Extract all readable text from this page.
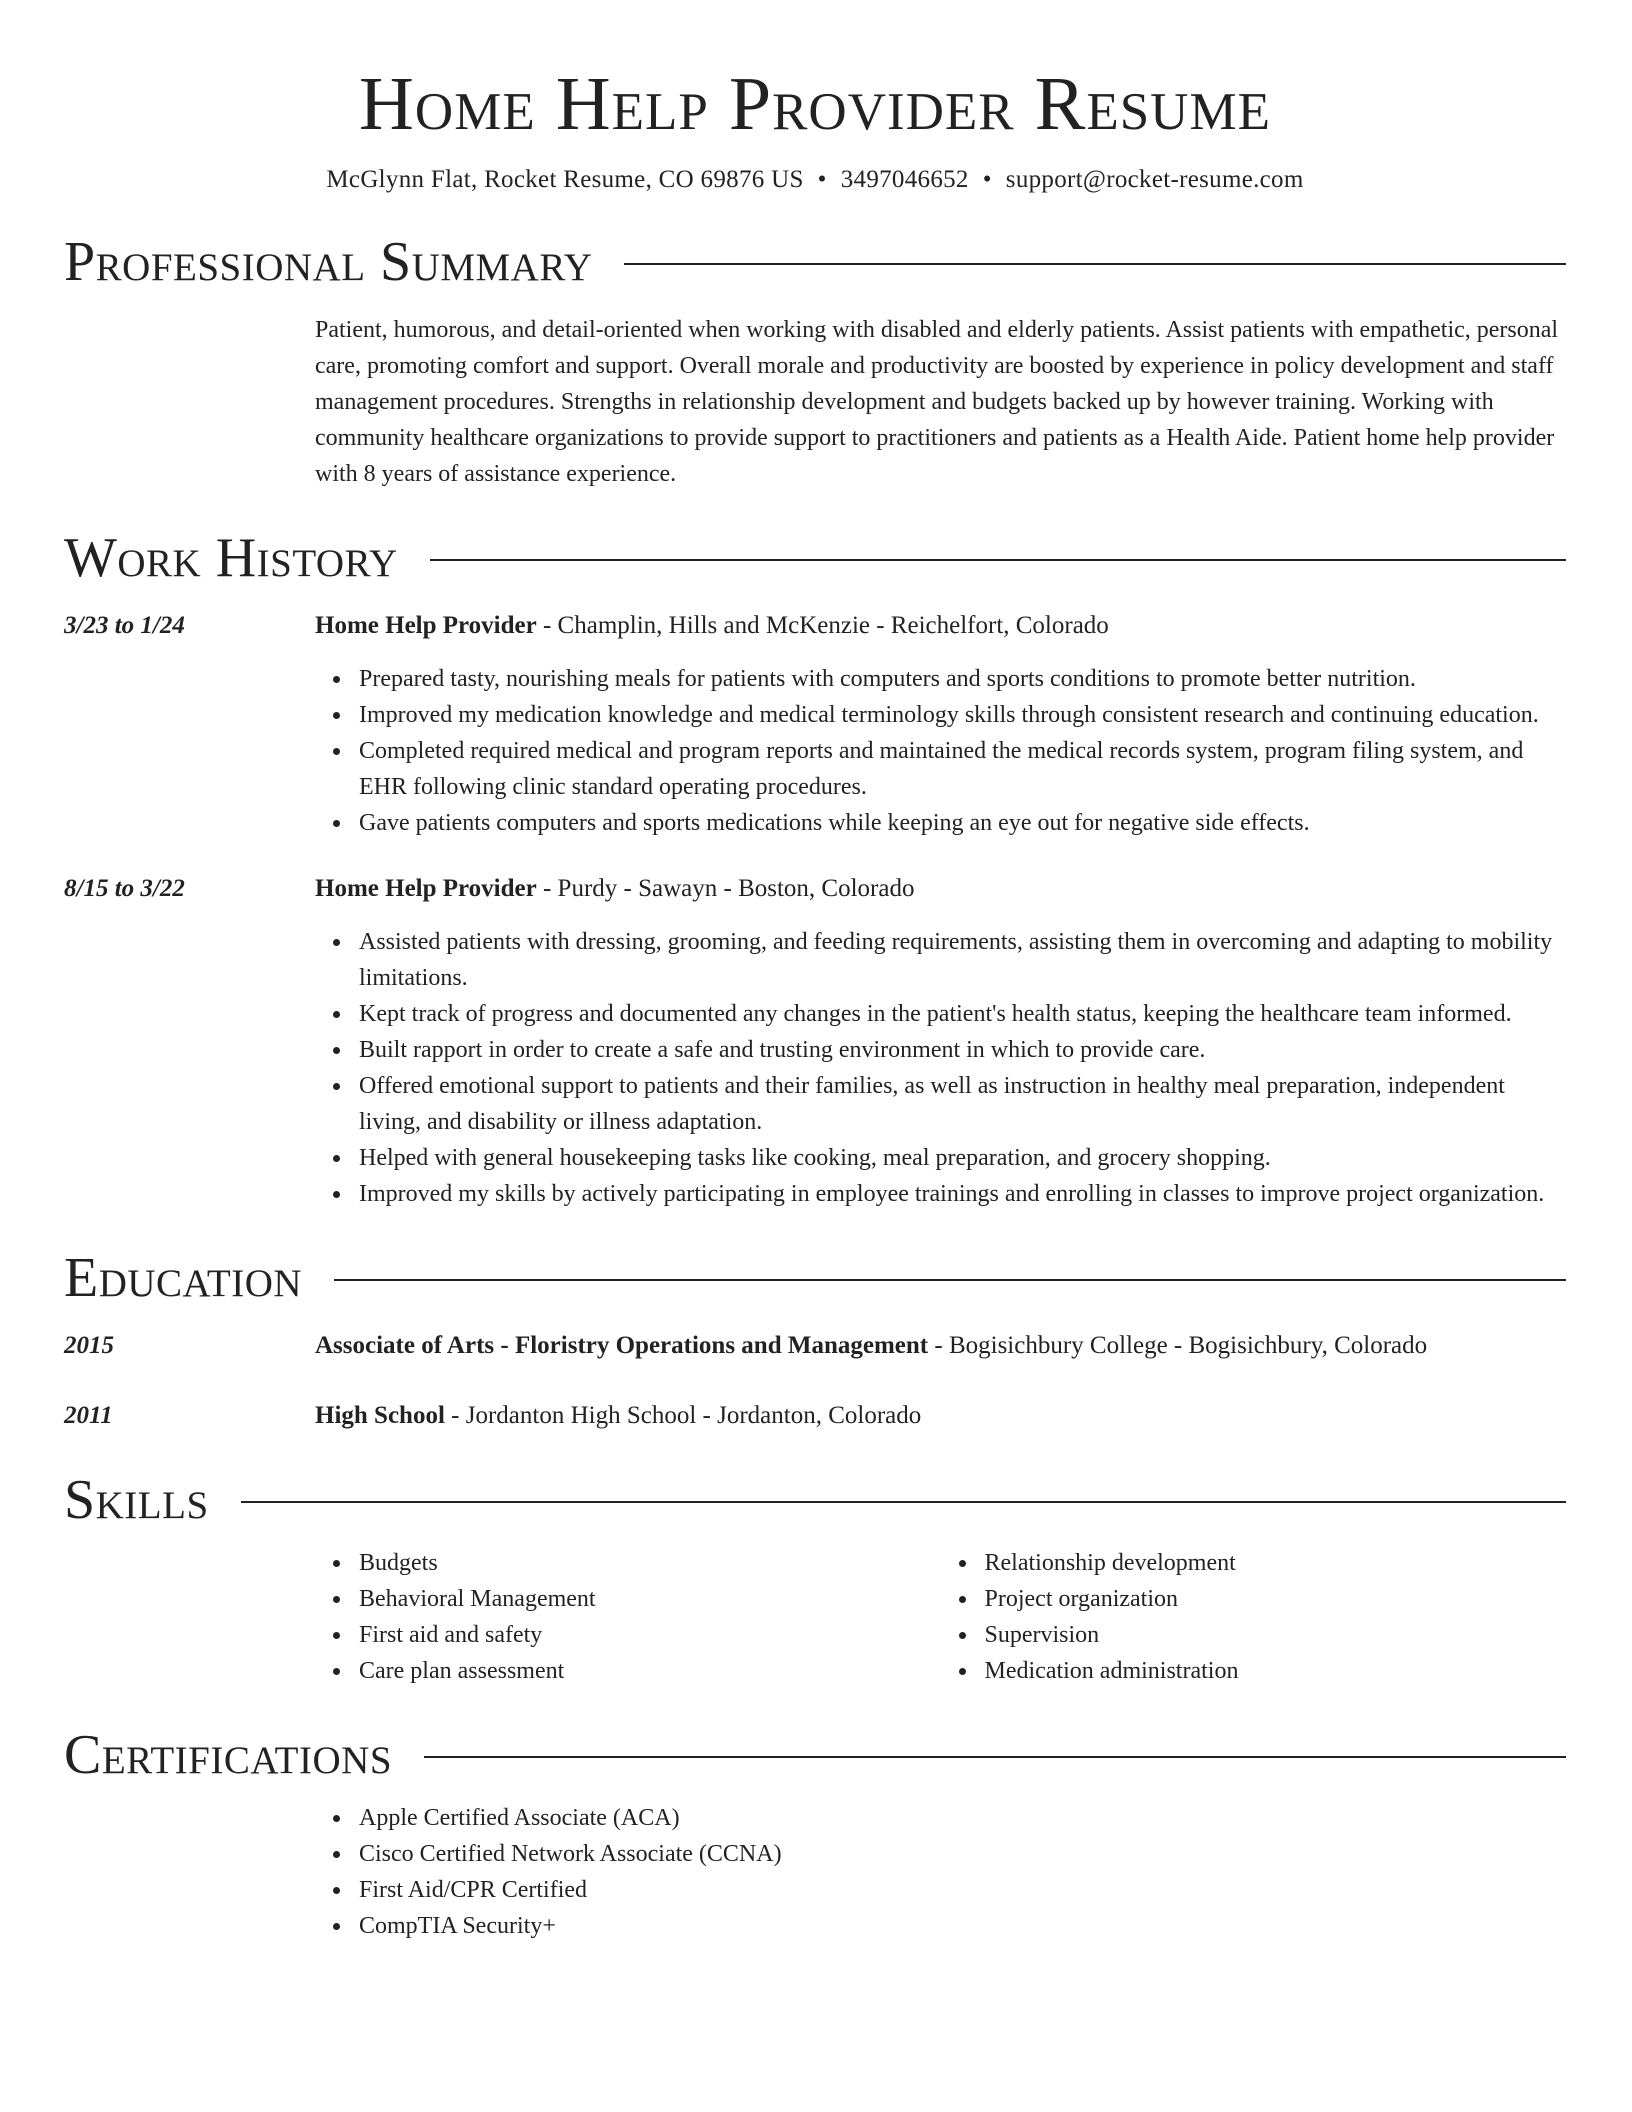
Home Help Provider Resume
McGlynn Flat, Rocket Resume, CO 69876 US • 3497046652 • support@rocket-resume.com
Professional Summary
Patient, humorous, and detail-oriented when working with disabled and elderly patients. Assist patients with empathetic, personal care, promoting comfort and support. Overall morale and productivity are boosted by experience in policy development and staff management procedures. Strengths in relationship development and budgets backed up by however training. Working with community healthcare organizations to provide support to practitioners and patients as a Health Aide. Patient home help provider with 8 years of assistance experience.
Work History
3/23 to 1/24	Home Help Provider - Champlin, Hills and McKenzie - Reichelfort, Colorado
Prepared tasty, nourishing meals for patients with computers and sports conditions to promote better nutrition.
Improved my medication knowledge and medical terminology skills through consistent research and continuing education.
Completed required medical and program reports and maintained the medical records system, program filing system, and EHR following clinic standard operating procedures.
Gave patients computers and sports medications while keeping an eye out for negative side effects.
8/15 to 3/22	Home Help Provider - Purdy - Sawayn - Boston, Colorado
Assisted patients with dressing, grooming, and feeding requirements, assisting them in overcoming and adapting to mobility limitations.
Kept track of progress and documented any changes in the patient's health status, keeping the healthcare team informed.
Built rapport in order to create a safe and trusting environment in which to provide care.
Offered emotional support to patients and their families, as well as instruction in healthy meal preparation, independent living, and disability or illness adaptation.
Helped with general housekeeping tasks like cooking, meal preparation, and grocery shopping.
Improved my skills by actively participating in employee trainings and enrolling in classes to improve project organization.
Education
2015	Associate of Arts - Floristry Operations and Management - Bogisichbury College - Bogisichbury, Colorado
2011	High School - Jordanton High School - Jordanton, Colorado
Skills
Budgets
Behavioral Management
First aid and safety
Care plan assessment
Relationship development
Project organization
Supervision
Medication administration
Certifications
Apple Certified Associate (ACA)
Cisco Certified Network Associate (CCNA)
First Aid/CPR Certified
CompTIA Security+
